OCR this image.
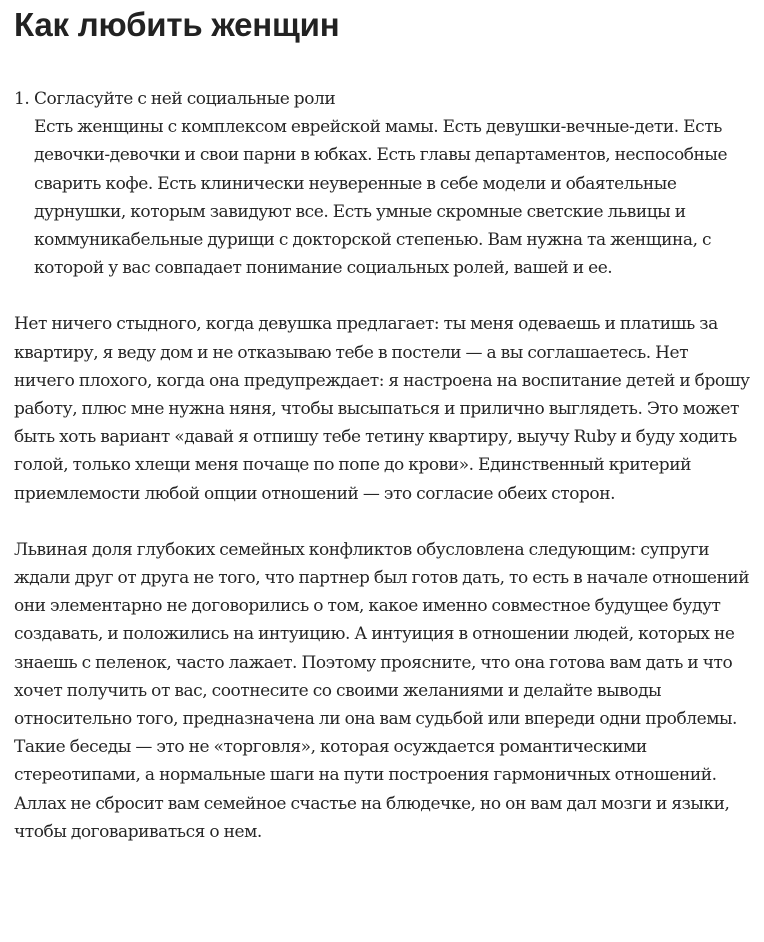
Как любить женщин
1. Согласуйте с ней социальные роли
Есть женщины с комплексом еврейской мамы. Есть девушки-вечные-дети. Есть девочки-девочки и свои парни в юбках. Есть главы департаментов, неспособные сварить кофе. Есть клинически неуверенные в себе модели и обаятельные дурнушки, которым завидуют все. Есть умные скромные светские львицы и коммуникабельные дурищи с докторской степенью. Вам нужна та женщина, с которой у вас совпадает понимание социальных ролей, вашей и ее.

Нет ничего стыдного, когда девушка предлагает: ты меня одеваешь и платишь за квартиру, я веду дом и не отказываю тебе в постели — а вы соглашаетесь. Нет ничего плохого, когда она предупреждает: я настроена на воспитание детей и брошу работу, плюс мне нужна няня, чтобы высыпаться и прилично выглядеть. Это может быть хоть вариант «давай я отпишу тебе тетину квартиру, выучу Ruby и буду ходить голой, только хлещи меня почаще по попе до крови». Единственный критерий приемлемости любой опции отношений — это согласие обеих сторон.

Львиная доля глубоких семейных конфликтов обусловлена следующим: супруги ждали друг от друга не того, что партнер был готов дать, то есть в начале отношений они элементарно не договорились о том, какое именно совместное будущее будут создавать, и положились на интуицию. А интуиция в отношении людей, которых не знаешь с пеленок, часто лажает. Поэтому проясните, что она готова вам дать и что хочет получить от вас, соотнесите со своими желаниями и делайте выводы относительно того, предназначена ли она вам судьбой или впереди одни проблемы. Такие беседы — это не «торговля», которая осуждается романтическими стереотипами, а нормальные шаги на пути построения гармоничных отношений. Аллах не сбросит вам семейное счастье на блюдечке, но он вам дал мозги и языки, чтобы договариваться о нем.
